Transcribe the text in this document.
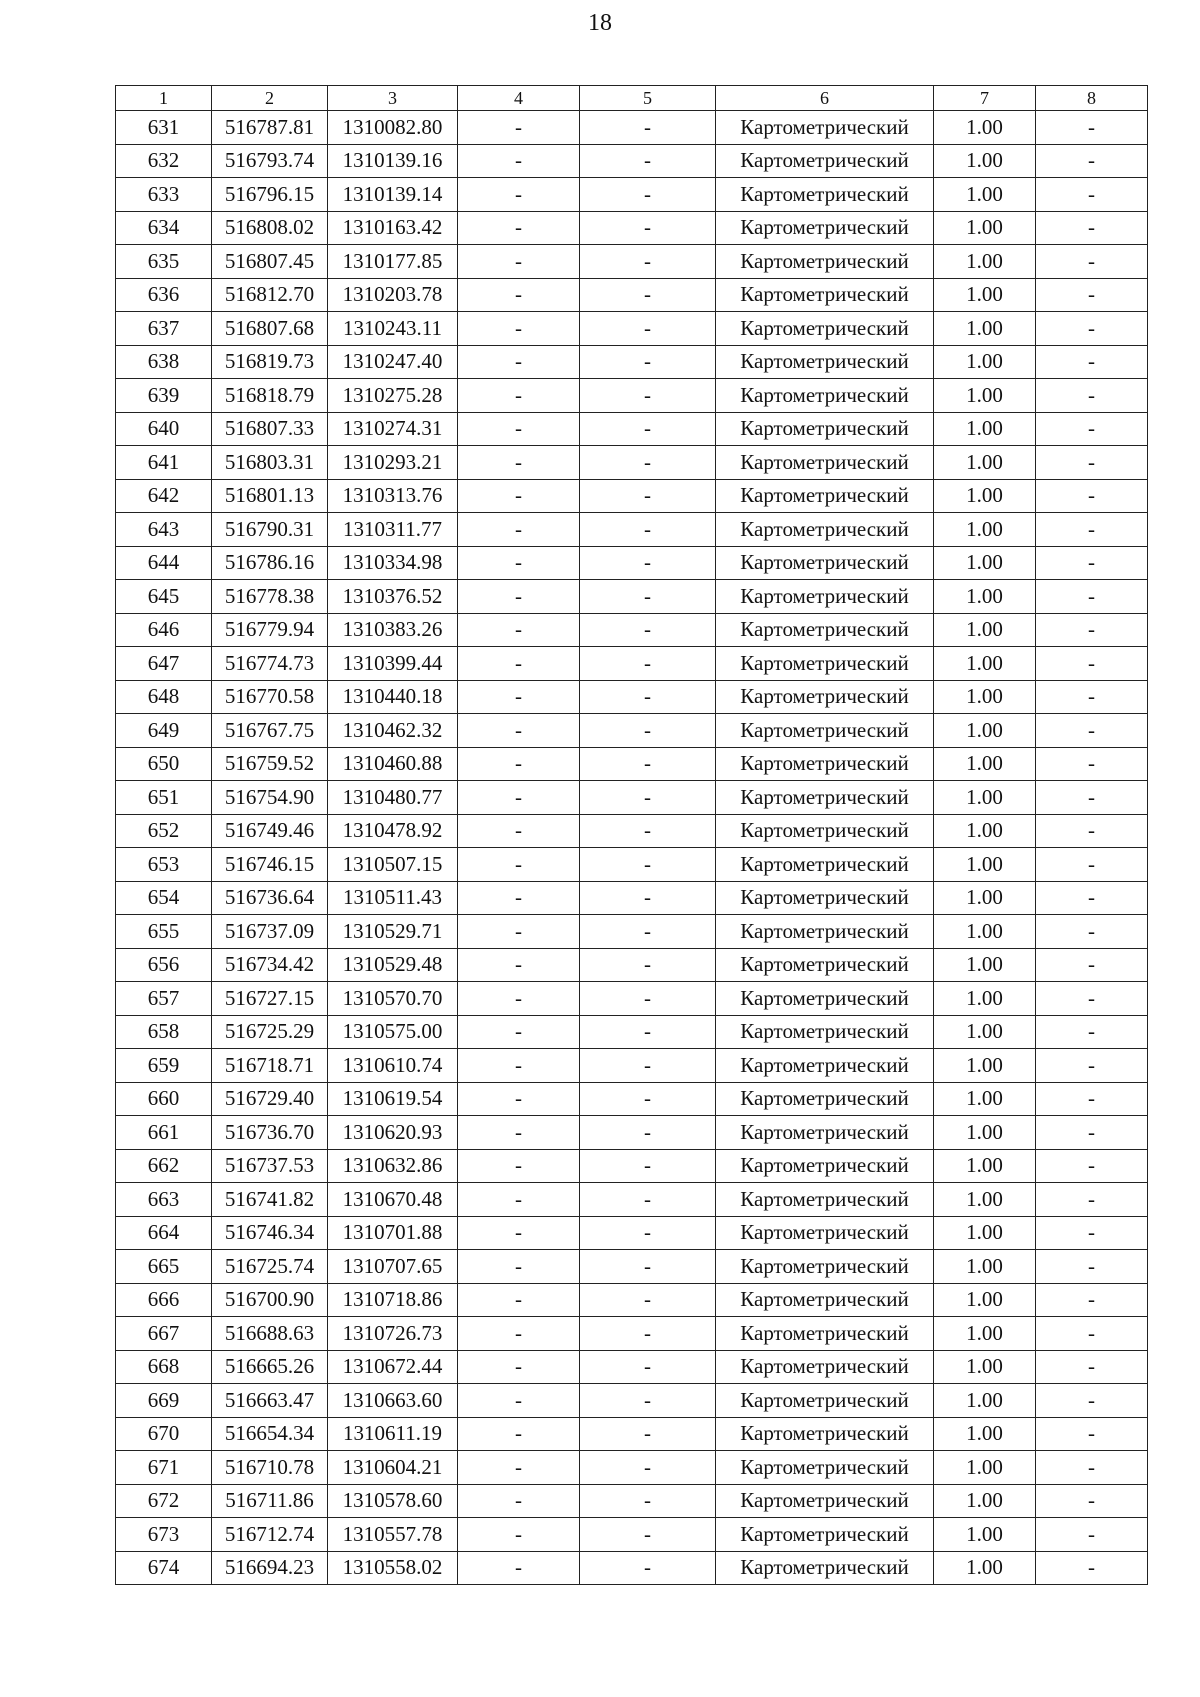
18
1	2	3	4	5	6	7	8
631	516787.81	1310082.80	-	-	Картометрический	1.00	-
632	516793.74	1310139.16	-	-	Картометрический	1.00	-
633	516796.15	1310139.14	-	-	Картометрический	1.00	-
634	516808.02	1310163.42	-	-	Картометрический	1.00	-
635	516807.45	1310177.85	-	-	Картометрический	1.00	-
636	516812.70	1310203.78	-	-	Картометрический	1.00	-
637	516807.68	1310243.11	-	-	Картометрический	1.00	-
638	516819.73	1310247.40	-	-	Картометрический	1.00	-
639	516818.79	1310275.28	-	-	Картометрический	1.00	-
640	516807.33	1310274.31	-	-	Картометрический	1.00	-
641	516803.31	1310293.21	-	-	Картометрический	1.00	-
642	516801.13	1310313.76	-	-	Картометрический	1.00	-
643	516790.31	1310311.77	-	-	Картометрический	1.00	-
644	516786.16	1310334.98	-	-	Картометрический	1.00	-
645	516778.38	1310376.52	-	-	Картометрический	1.00	-
646	516779.94	1310383.26	-	-	Картометрический	1.00	-
647	516774.73	1310399.44	-	-	Картометрический	1.00	-
648	516770.58	1310440.18	-	-	Картометрический	1.00	-
649	516767.75	1310462.32	-	-	Картометрический	1.00	-
650	516759.52	1310460.88	-	-	Картометрический	1.00	-
651	516754.90	1310480.77	-	-	Картометрический	1.00	-
652	516749.46	1310478.92	-	-	Картометрический	1.00	-
653	516746.15	1310507.15	-	-	Картометрический	1.00	-
654	516736.64	1310511.43	-	-	Картометрический	1.00	-
655	516737.09	1310529.71	-	-	Картометрический	1.00	-
656	516734.42	1310529.48	-	-	Картометрический	1.00	-
657	516727.15	1310570.70	-	-	Картометрический	1.00	-
658	516725.29	1310575.00	-	-	Картометрический	1.00	-
659	516718.71	1310610.74	-	-	Картометрический	1.00	-
660	516729.40	1310619.54	-	-	Картометрический	1.00	-
661	516736.70	1310620.93	-	-	Картометрический	1.00	-
662	516737.53	1310632.86	-	-	Картометрический	1.00	-
663	516741.82	1310670.48	-	-	Картометрический	1.00	-
664	516746.34	1310701.88	-	-	Картометрический	1.00	-
665	516725.74	1310707.65	-	-	Картометрический	1.00	-
666	516700.90	1310718.86	-	-	Картометрический	1.00	-
667	516688.63	1310726.73	-	-	Картометрический	1.00	-
668	516665.26	1310672.44	-	-	Картометрический	1.00	-
669	516663.47	1310663.60	-	-	Картометрический	1.00	-
670	516654.34	1310611.19	-	-	Картометрический	1.00	-
671	516710.78	1310604.21	-	-	Картометрический	1.00	-
672	516711.86	1310578.60	-	-	Картометрический	1.00	-
673	516712.74	1310557.78	-	-	Картометрический	1.00	-
674	516694.23	1310558.02	-	-	Картометрический	1.00	-
